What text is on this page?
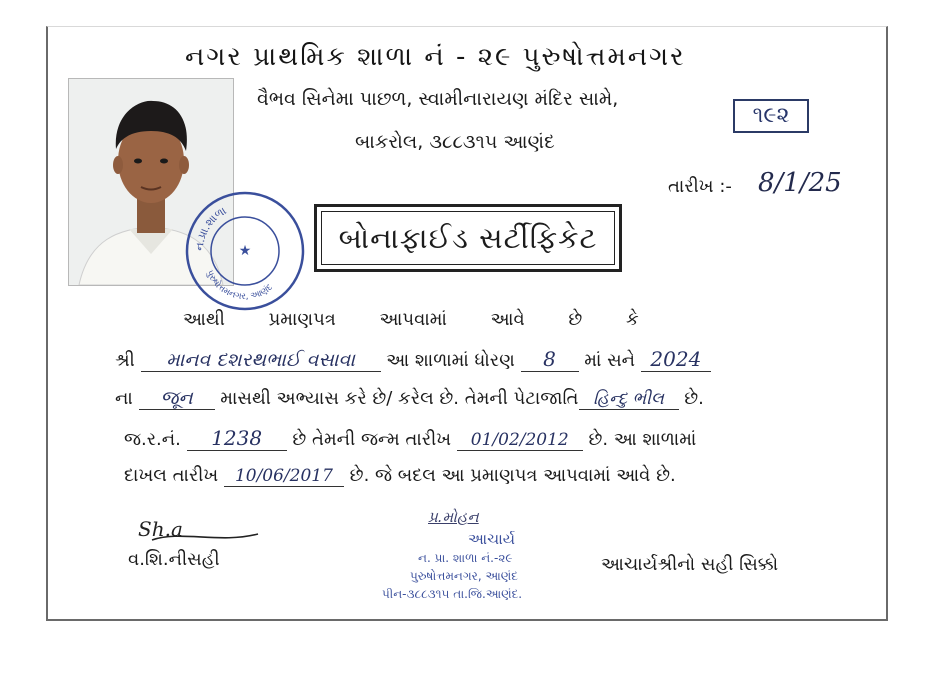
નગર પ્રાથમિક શાળા નં - ૨૯ પુરુષોત્તમનગર
વૈભવ સિનેમા પાછળ, સ્વામીનારાયણ મંદિર સામે,
બાકરોલ, ૩૮૮૩૧૫ આણંદ
૧૯૨
તારીખ :- 8/1/25
ન.પ્રા.શાળા
પુરુષોત્તમનગર, આણંદ
★	બોનાફાઈડ સર્ટીફિકેટ
આથી પ્રમાણપત્ર આપવામાં આવે છે કે
શ્રી માનવ દશરથભાઈ વસાવા આ શાળામાં ધોરણ 8 માં સને 2024
ના જૂન માસથી અભ્યાસ કરે છે/ કરેલ છે. તેમની પેટાજાતિ હિન્દુ ભીલ છે.
જ.ર.નં. 1238 છે તેમની જન્મ તારીખ 01/02/2012 છે. આ શાળામાં
દાખલ તારીખ 10/06/2017 છે. જે બદલ આ પ્રમાણપત્ર આપવામાં આવે છે.
Sh.a
વ.શિ.નીસહી
પ્ર.મોહન
આચાર્ય
ન. પ્રા. શાળા નં.-૨૯
પુરુષોત્તમનગર, આણંદ
પીન-૩૮૮૩૧૫ તા.જિ.આણંદ.
આચાર્યશ્રીનો સહી સિક્કો
